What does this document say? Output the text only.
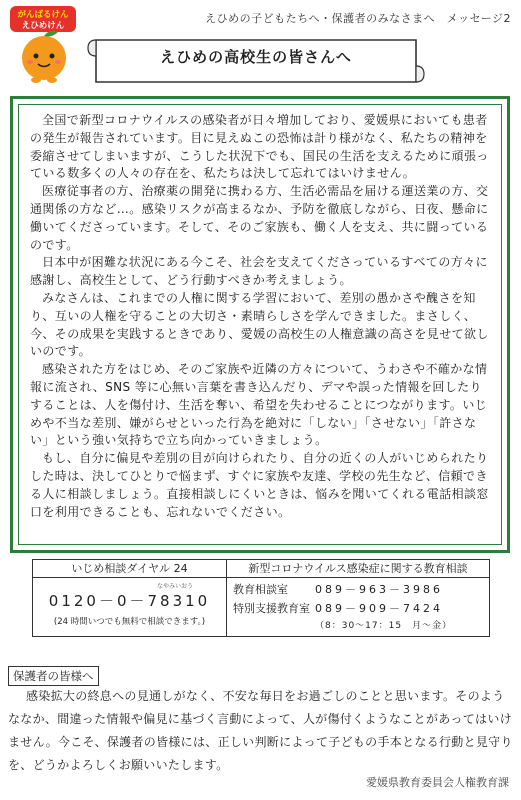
がんばるけん
えひめけん
えひめの子どもたちへ・保護者のみなさまへ　メッセージ2
えひめの高校生の皆さんへ

全国で新型コロナウイルスの感染者が日々増加しており、愛媛県においても患者の発生が報告されています。目に見えぬこの恐怖は計り様がなく、私たちの精神を委縮させてしまいますが、こうした状況下でも、国民の生活を支えるために頑張っている数多くの人々の存在を、私たちは決して忘れてはいけません。

医療従事者の方、治療薬の開発に携わる方、生活必需品を届ける運送業の方、交通関係の方など…。感染リスクが高まるなか、予防を徹底しながら、日夜、懸命に働いてくださっています。そして、そのご家族も、働く人を支え、共に闘っているのです。

日本中が困難な状況にある今こそ、社会を支えてくださっているすべての方々に感謝し、高校生として、どう行動すべきか考えましょう。

みなさんは、これまでの人権に関する学習において、差別の愚かさや醜さを知り、互いの人権を守ることの大切さ・素晴らしさを学んできました。まさしく、今、その成果を実践するときであり、愛媛の高校生の人権意識の高さを見せて欲しいのです。

感染された方をはじめ、そのご家族や近隣の方々について、うわさや不確かな情報に流され、SNS 等に心無い言葉を書き込んだり、デマや誤った情報を回したりすることは、人を傷付け、生活を奪い、希望を失わせることにつながります。いじめや不当な差別、嫌がらせといった行為を絶対に「しない」「させない」「許さない」という強い気持ちで立ち向かっていきましょう。

もし、自分に偏見や差別の目が向けられたり、自分の近くの人がいじめられたりした時は、決してひとりで悩まず、すぐに家族や友達、学校の先生など、信頼できる人に相談しましょう。直接相談しにくいときは、悩みを聞いてくれる電話相談窓口を利用できることも、忘れないでください。

いじめ相談ダイヤル 24
なやみいおう
0120－0－78310
(24 時間いつでも無料で相談できます。)
新型コロナウイルス感染症に関する教育相談
教育相談室	089－963－3986
特別支援教育室 089－909－7424
（8：30～17：15　月～金）
保護者の皆様へ

感染拡大の終息への見通しがなく、不安な毎日をお過ごしのことと思います。そのようななか、間違った情報や偏見に基づく言動によって、人が傷付くようなことがあってはいけません。今こそ、保護者の皆様には、正しい判断によって子どもの手本となる行動と見守りを、どうかよろしくお願いいたします。

愛媛県教育委員会人権教育課
